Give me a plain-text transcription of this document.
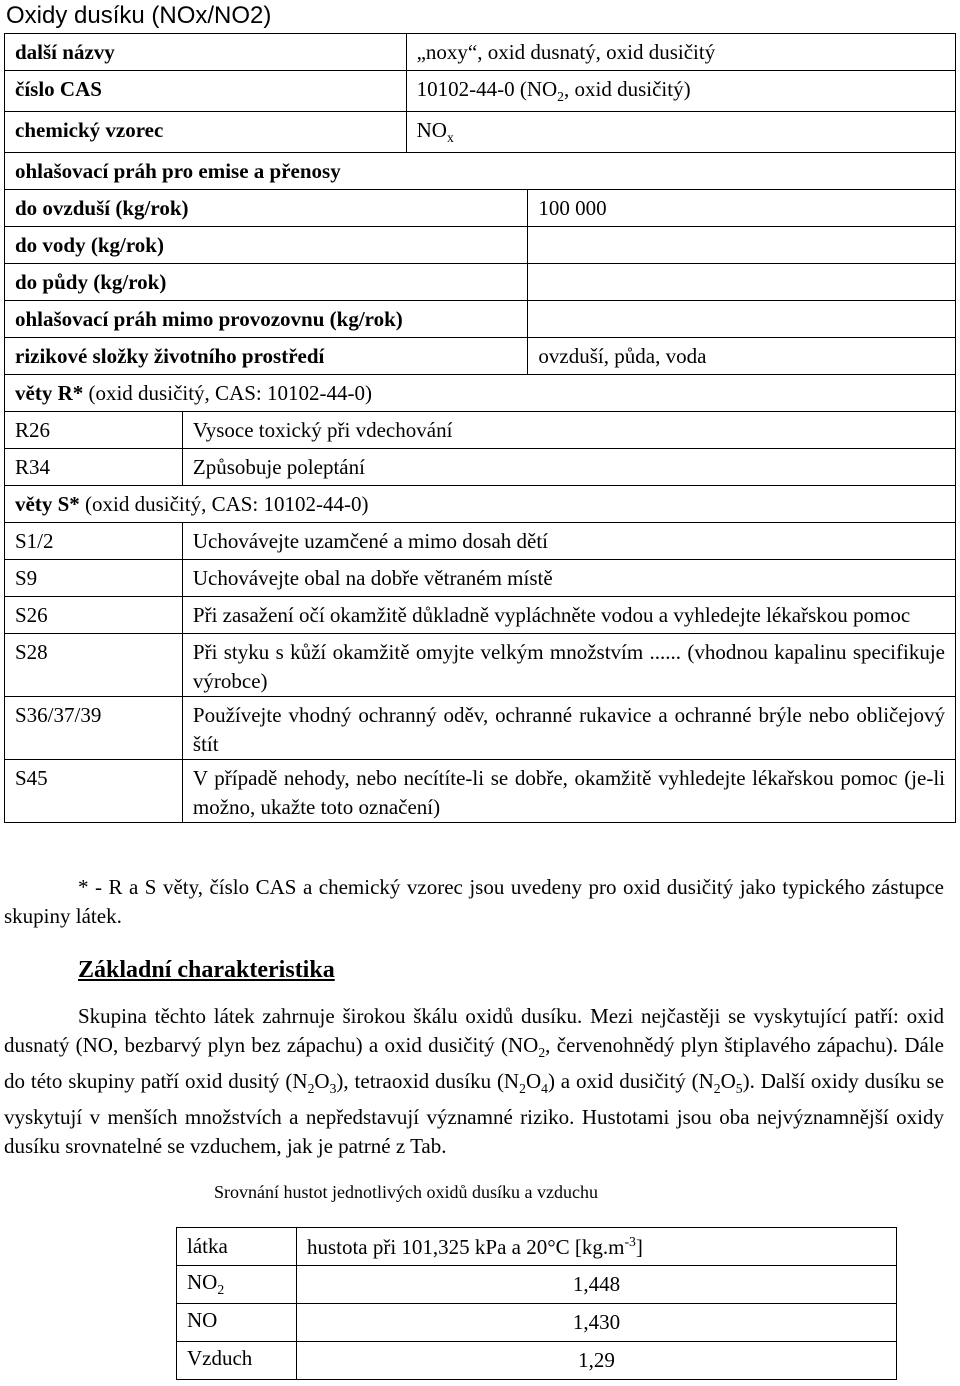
Oxidy dusíku (NOx/NO2)
další názvy		„noxy“, oxid dusnatý, oxid dusičitý	
číslo CAS		10102-44-0 ($NO_2$, oxid dusičitý)	
chemický vzorec		$NO_x$
ohlašovací práh pro emise a přenosy			
do ovzduší (kg/rok)			100 000
do vody (kg/rok)			
do půdy (kg/rok)			
ohlašovací práh mimo provozovnu (kg/rok)			
rizikové složky životního prostředí			ovzduší, půda, voda
věty R* (oxid dusičitý, CAS: 10102-44-0)			
R26	Vysoce toxický při vdechování		
R34	Způsobuje poleptání		
věty S* (oxid dusičitý, CAS: 10102-44-0)			
S1/2	Uchovávejte uzamčené a mimo dosah dětí		
S9	Uchovávejte obal na dobře větraném místě		
S26	Při zasažení očí okamžitě důkladně vypláchněte vodou a vyhledejte lékařskou pomoc		
S28	Při styku s kůží okamžitě omyjte velkým množstvím ...... (vhodnou kapalinu specifikuje výrobce)		
S36/37/39	Používejte vhodný ochranný oděv, ochranné rukavice a ochranné brýle nebo obličejový štít		
S45	V případě nehody, nebo necítíte-li se dobře, okamžitě vyhledejte lékařskou pomoc (je-li možno, ukažte toto označení)		

* - R a S věty, číslo CAS a chemický vzorec jsou uvedeny pro oxid dusičitý jako typického zástupce skupiny látek.

Základní charakteristika

Skupina těchto látek zahrnuje širokou škálu oxidů dusíku. Mezi nejčastěji se vyskytující patří: oxid dusnatý (NO, bezbarvý plyn bez zápachu) a oxid dusičitý ($NO_2$, červenohnědý plyn štiplavého zápachu). Dále do této skupiny patří oxid dusitý $(N_2O_3)$, tetraoxid dusíku $(N_2O_4)$ a oxid dusičitý $(N_2O_5)$. Další oxidy dusíku se vyskytují v menších množstvích a nepředstavují významné riziko. Hustotami jsou oba nejvýznamnější oxidy dusíku srovnatelné se vzduchem, jak je patrné z Tab.

Srovnání hustot jednotlivých oxidů dusíku a vzduchu

látka	hustota při 101,325 kPa a 20°C $[kg.m^{-3}]$
$NO_2$	1,448
NO	1,430
Vzduch	1,29
